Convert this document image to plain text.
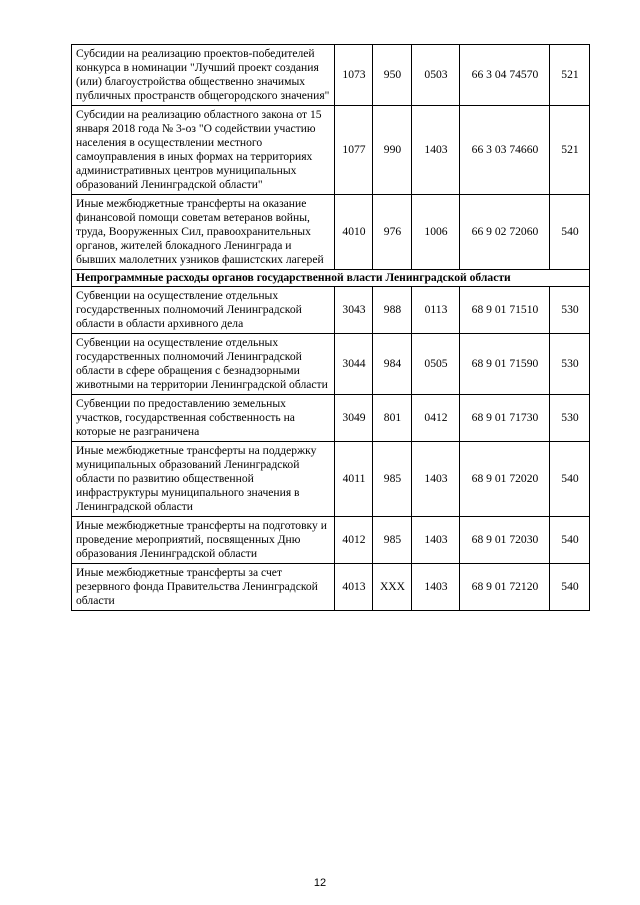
Субсидии на реализацию проектов-победителей конкурса в номинации "Лучший проект создания (или) благоустройства общественно значимых публичных пространств общегородского значения"	1073	950	0503	66 3 04 74570	521
Субсидии на реализацию областного закона от 15 января 2018 года № 3-оз "О содействии участию населения в осуществлении местного самоуправления в иных формах на территориях административных центров муниципальных образований Ленинградской области"	1077	990	1403	66 3 03 74660	521
Иные межбюджетные трансферты на оказание финансовой помощи советам ветеранов войны, труда, Вооруженных Сил, правоохранительных органов, жителей блокадного Ленинграда и бывших малолетних узников фашистских лагерей	4010	976	1006	66 9 02 72060	540
Непрограммные расходы органов государственной власти Ленинградской области					
Субвенции на осуществление отдельных государственных полномочий Ленинградской области в области архивного дела	3043	988	0113	68 9 01 71510	530
Субвенции на осуществление отдельных государственных полномочий Ленинградской области в сфере обращения с безнадзорными животными на территории Ленинградской области	3044	984	0505	68 9 01 71590	530
Субвенции по предоставлению земельных участков, государственная собственность на которые не разграничена	3049	801	0412	68 9 01 71730	530
Иные межбюджетные трансферты на поддержку муниципальных образований Ленинградской области по развитию общественной инфраструктуры муниципального значения в Ленинградской области	4011	985	1403	68 9 01 72020	540
Иные межбюджетные трансферты на подготовку и проведение мероприятий, посвященных Дню образования Ленинградской области	4012	985	1403	68 9 01 72030	540
Иные межбюджетные трансферты за счет резервного фонда Правительства Ленинградской области	4013	XXX	1403	68 9 01 72120	540
12
